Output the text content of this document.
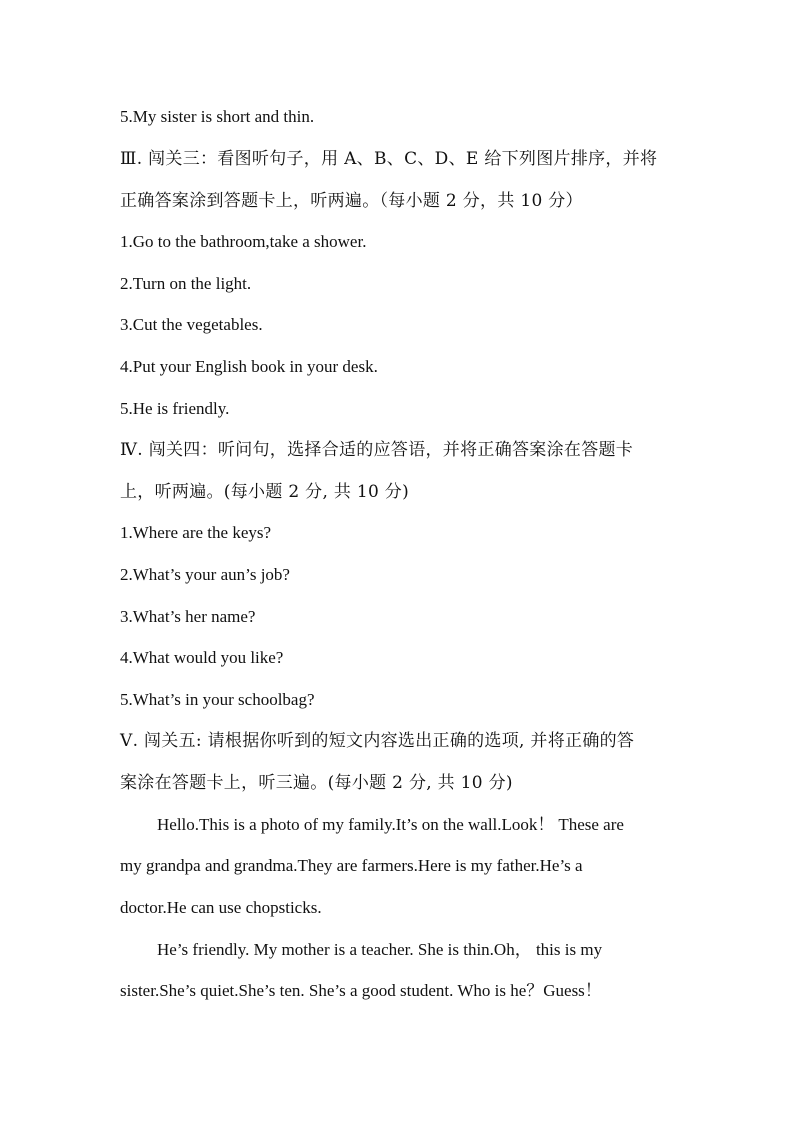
5.My sister is short and thin.
Ⅲ. 闯关三：看图听句子，用 A、B、C、D、E 给下列图片排序，并将
正确答案涂到答题卡上，听两遍。（每小题 2 分，共 10 分）
1.Go to the bathroom,take a shower.
2.Turn on the light.
3.Cut the vegetables.
4.Put your English book in your desk.
5.He is friendly.
Ⅳ. 闯关四：听问句，选择合适的应答语，并将正确答案涂在答题卡
上，听两遍。(每小题 2 分, 共 10 分)
1.Where are the keys?
2.What’s your aun’s job?
3.What’s her name?
4.What would you like?
5.What’s in your schoolbag?
Ⅴ. 闯关五: 请根据你听到的短文内容选出正确的选项, 并将正确的答
案涂在答题卡上，听三遍。(每小题 2 分, 共 10 分)
Hello.This is a photo of my family.It’s on the wall.Look！ These are
my grandpa and grandma.They are farmers.Here is my father.He’s a
doctor.He can use chopsticks.
He’s friendly. My mother is a teacher. She is thin.Oh， this is my
sister.She’s quiet.She’s ten. She’s a good student. Who is he？Guess！
